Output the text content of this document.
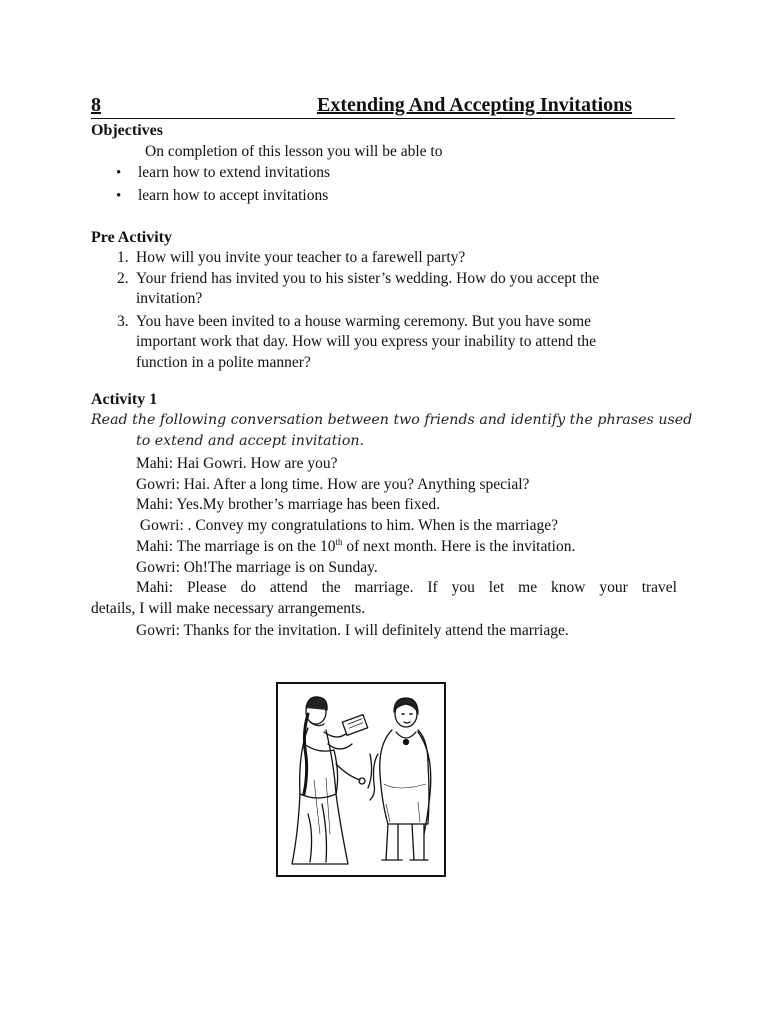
8	Extending And Accepting Invitations
Objectives
On completion of this lesson you will be able to
• learn how to extend invitations
• learn how to accept invitations
Pre Activity
1. How will you invite your teacher to a farewell party?
2. Your friend has invited you to his sister’s wedding. How do you accept the
invitation?
3. You have been invited to a house warming ceremony. But you have some
important work that day. How will you express your inability to attend the
function in a polite manner?
Activity 1
Read the following conversation between two friends and identify the phrases used
to extend and accept invitation.
Mahi: Hai Gowri. How are you?
Gowri: Hai. After a long time. How are you? Anything special?
Mahi: Yes.My brother’s marriage has been fixed.
Gowri: . Convey my congratulations to him. When is the marriage?
Mahi: The marriage is on the 10th of next month. Here is the invitation.
Gowri: Oh!The marriage is on Sunday.
Mahi: Please do attend the marriage. If you let me know your travel
details, I will make necessary arrangements.
Gowri: Thanks for the invitation. I will definitely attend the marriage.
